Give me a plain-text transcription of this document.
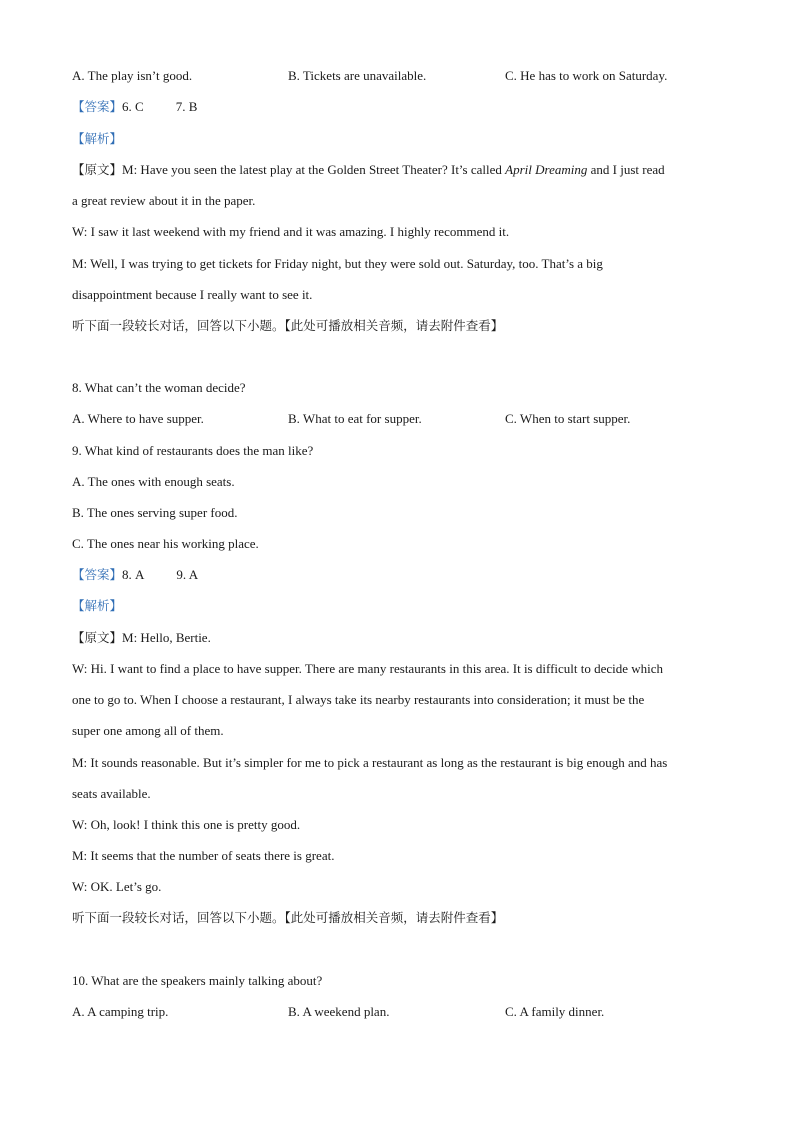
A. The play isn’t good.	B. Tickets are unavailable.	C. He has to work on Saturday.
【答案】6. C 7. B
【解析】
【原文】M: Have you seen the latest play at the Golden Street Theater? It’s called April Dreaming and I just read
a great review about it in the paper.
W: I saw it last weekend with my friend and it was amazing. I highly recommend it.
M: Well, I was trying to get tickets for Friday night, but they were sold out. Saturday, too. That’s a big
disappointment because I really want to see it.
听下面一段较长对话，回答以下小题。【此处可播放相关音频，请去附件查看】
8. What can’t the woman decide?
A. Where to have supper.	B. What to eat for supper.	C. When to start supper.
9. What kind of restaurants does the man like?
A. The ones with enough seats.
B. The ones serving super food.
C. The ones near his working place.
【答案】8. A 9. A
【解析】
【原文】M: Hello, Bertie.
W: Hi. I want to find a place to have supper. There are many restaurants in this area. It is difficult to decide which
one to go to. When I choose a restaurant, I always take its nearby restaurants into consideration; it must be the
super one among all of them.
M: It sounds reasonable. But it’s simpler for me to pick a restaurant as long as the restaurant is big enough and has
seats available.
W: Oh, look! I think this one is pretty good.
M: It seems that the number of seats there is great.
W: OK. Let’s go.
听下面一段较长对话，回答以下小题。【此处可播放相关音频，请去附件查看】
10. What are the speakers mainly talking about?
A. A camping trip.	B. A weekend plan.	C. A family dinner.
